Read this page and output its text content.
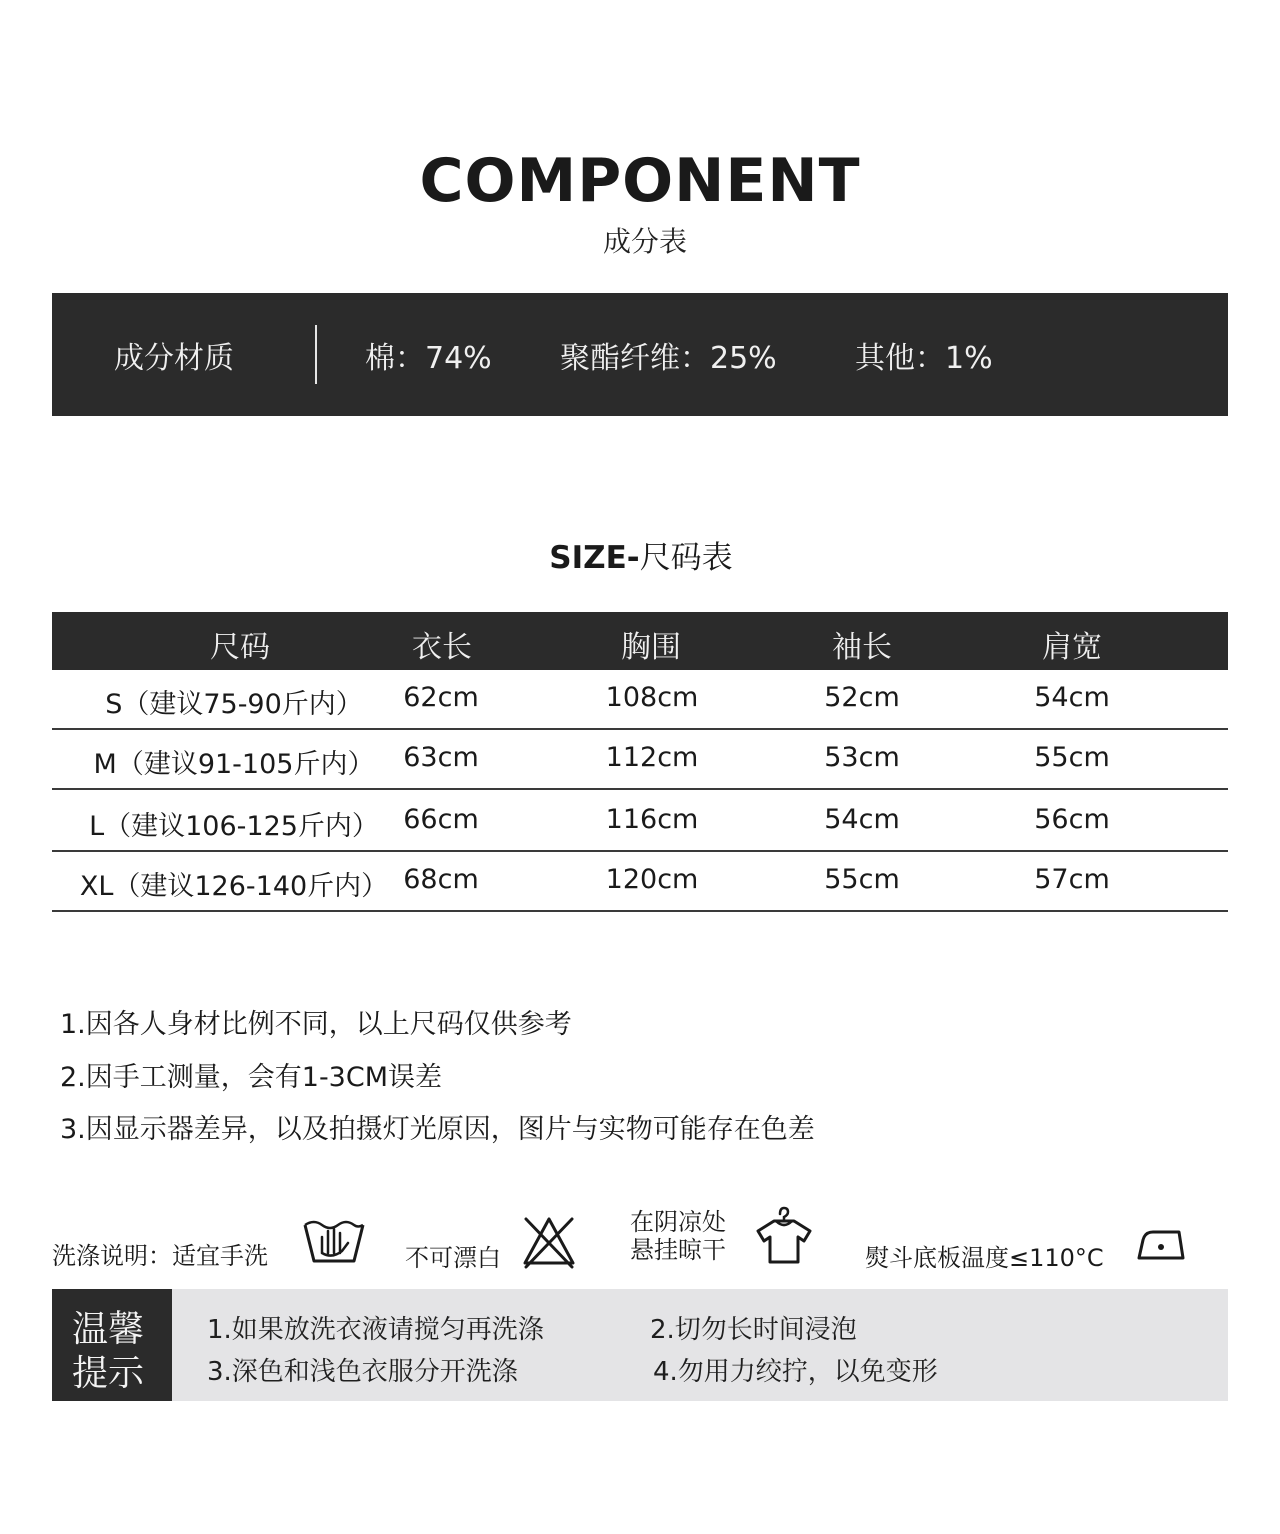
COMPONENT
成分表
成分材质	棉：74% 聚酯纤维：25%	其他：1%
SIZE-尺码表
尺码	衣长	胸围	袖长	肩宽
S（建议75-90斤内） 62cm	108cm	52cm	54cm
M（建议91-105斤内） 63cm	112cm	53cm	55cm
L（建议106-125斤内） 66cm	116cm	54cm	56cm
XL（建议126-140斤内） 68cm	120cm	55cm	57cm
1.因各人身材比例不同，以上尺码仅供参考
2.因手工测量，会有1-3CM误差
3.因显示器差异，以及拍摄灯光原因，图片与实物可能存在色差
洗涤说明：适宜手洗	不可漂白
在阴凉处
悬挂晾干	熨斗底板温度≤110°C
温馨
提示
1.如果放洗衣液请搅匀再洗涤	2.切勿长时间浸泡
3.深色和浅色衣服分开洗涤	4.勿用力绞拧，以免变形
